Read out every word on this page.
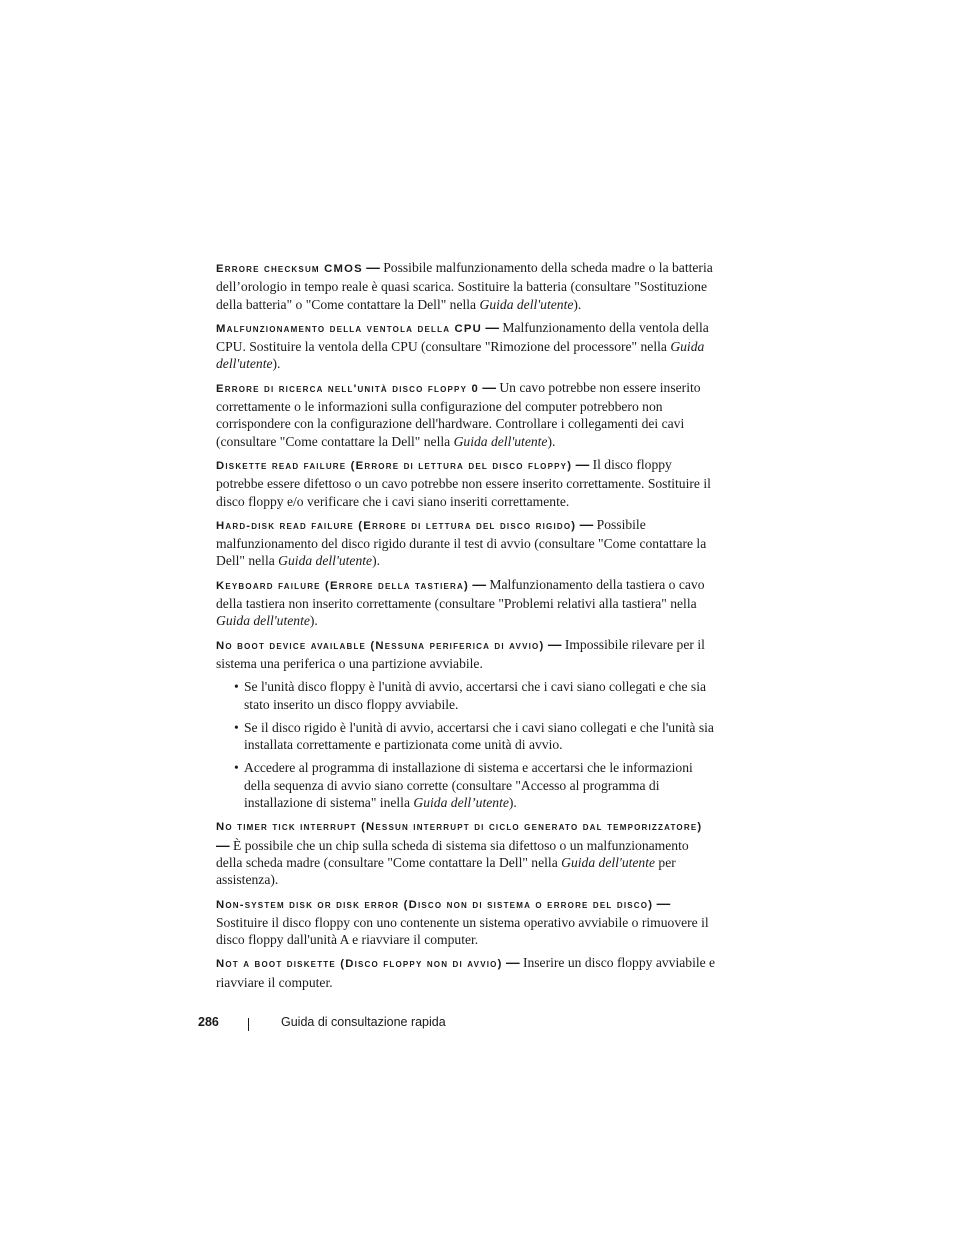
Errore checksum CMOS — Possibile malfunzionamento della scheda madre o la batteria dell’orologio in tempo reale è quasi scarica. Sostituire la batteria (consultare "Sostituzione della batteria" o "Come contattare la Dell" nella Guida dell'utente).

Malfunzionamento della ventola della CPU — Malfunzionamento della ventola della CPU. Sostituire la ventola della CPU (consultare "Rimozione del processore" nella Guida dell'utente).

Errore di ricerca nell'unità disco floppy 0 — Un cavo potrebbe non essere inserito correttamente o le informazioni sulla configurazione del computer potrebbero non corrispondere con la configurazione dell'hardware. Controllare i collegamenti dei cavi (consultare "Come contattare la Dell" nella Guida dell'utente).

Diskette read failure (Errore di lettura del disco floppy) — Il disco floppy potrebbe essere difettoso o un cavo potrebbe non essere inserito correttamente. Sostituire il disco floppy e/o verificare che i cavi siano inseriti correttamente.

Hard-disk read failure (Errore di lettura del disco rigido) — Possibile malfunzionamento del disco rigido durante il test di avvio (consultare "Come contattare la Dell" nella Guida dell'utente).

Keyboard failure (Errore della tastiera) — Malfunzionamento della tastiera o cavo della tastiera non inserito correttamente (consultare "Problemi relativi alla tastiera" nella Guida dell'utente).

No boot device available (Nessuna periferica di avvio) — Impossibile rilevare per il sistema una periferica o una partizione avviabile.

• Se l'unità disco floppy è l'unità di avvio, accertarsi che i cavi siano collegati e che sia stato inserito un disco floppy avviabile.
• Se il disco rigido è l'unità di avvio, accertarsi che i cavi siano collegati e che l'unità sia installata correttamente e partizionata come unità di avvio.
• Accedere al programma di installazione di sistema e accertarsi che le informazioni della sequenza di avvio siano corrette (consultare "Accesso al programma di installazione di sistema" inella Guida dell’utente).

No timer tick interrupt (Nessun interrupt di ciclo generato dal temporizzatore) — È possibile che un chip sulla scheda di sistema sia difettoso o un malfunzionamento della scheda madre (consultare "Come contattare la Dell" nella Guida dell'utente per assistenza).

Non-system disk or disk error (Disco non di sistema o errore del disco) — Sostituire il disco floppy con uno contenente un sistema operativo avviabile o rimuovere il disco floppy dall'unità A e riavviare il computer.

Not a boot diskette (Disco floppy non di avvio) — Inserire un disco floppy avviabile e riavviare il computer.

286	Guida di consultazione rapida
